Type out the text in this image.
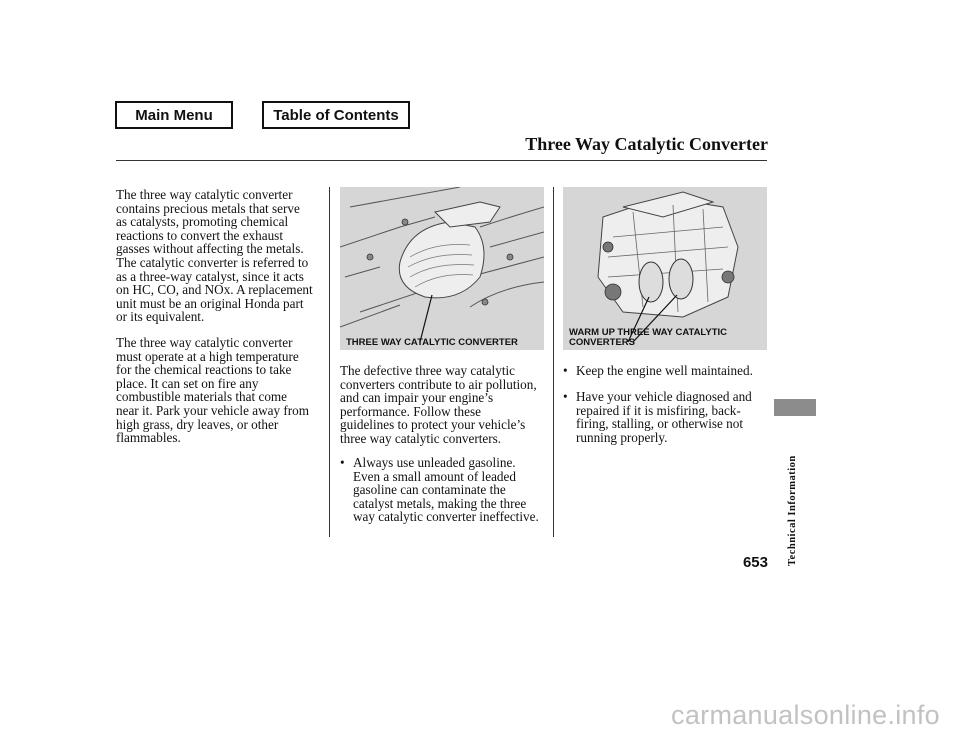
Main Menu	Table of Contents
Three Way Catalytic Converter

The three way catalytic converter

contains precious metals that serve

as catalysts, promoting chemical

reactions to convert the exhaust

gasses without affecting the metals.

The catalytic converter is referred to

as a three-way catalyst, since it acts

on HC, CO, and NOx. A replacement

unit must be an original Honda part

or its equivalent.

The three way catalytic converter

must operate at a high temperature

for the chemical reactions to take

place. It can set on fire any

combustible materials that come

near it. Park your vehicle away from

high grass, dry leaves, or other

flammables.

THREE WAY CATALYTIC CONVERTER
WARM UP THREE WAY CATALYTIC
CONVERTERS

The defective three way catalytic

converters contribute to air pollution,

and can impair your engine’s

performance. Follow these

guidelines to protect your vehicle’s

three way catalytic converters.

• Always use unleaded gasoline.
Even a small amount of leaded
gasoline can contaminate the
catalyst metals, making the three
way catalytic converter ineffective.
• Keep the engine well maintained.
• Have your vehicle diagnosed and
repaired if it is misfiring, back-
firing, stalling, or otherwise not
running properly.
Technical Information
653
carmanualsonline.info
